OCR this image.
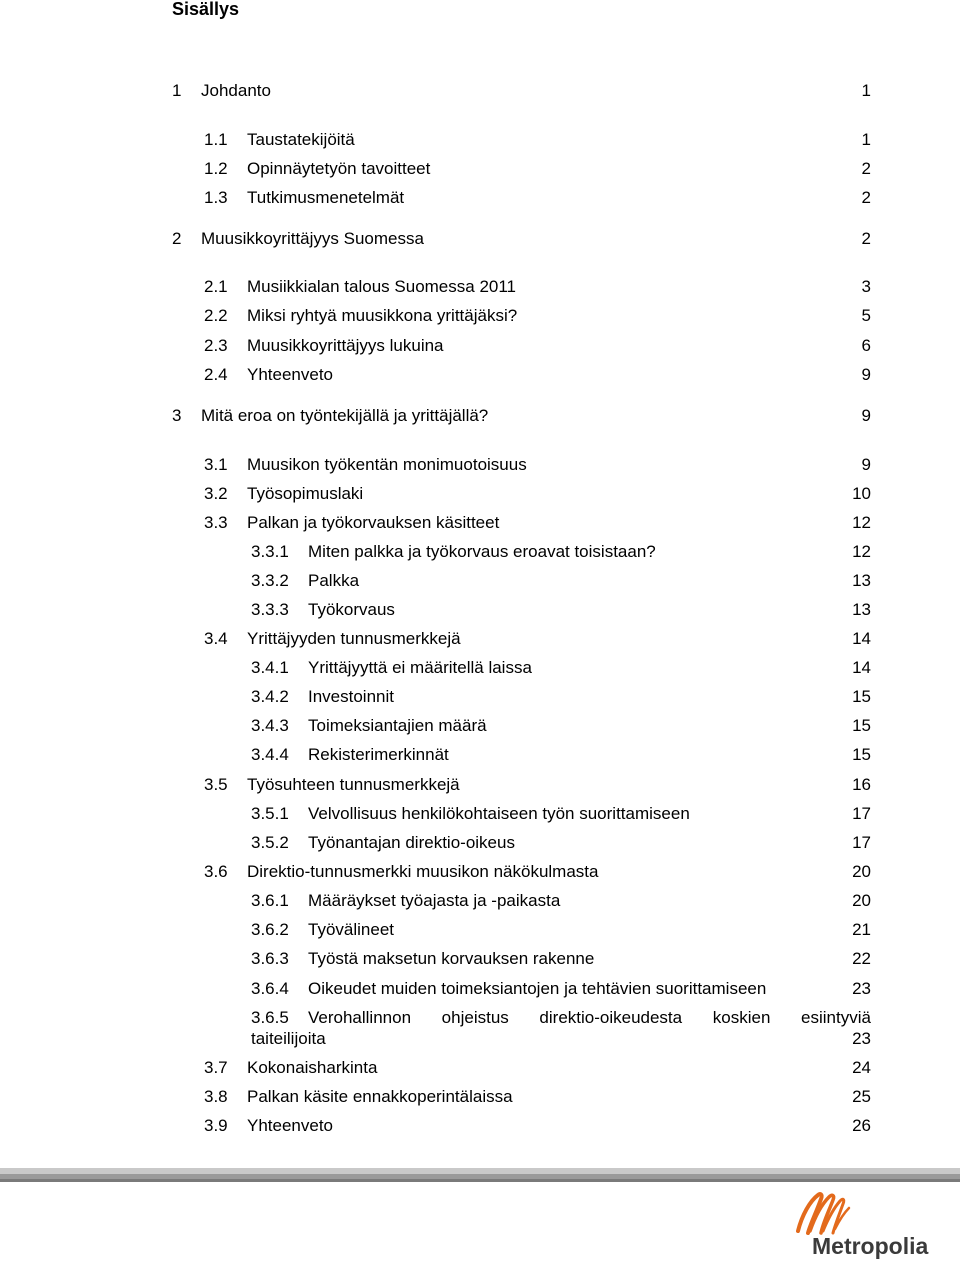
Sisällys
1 Johdanto	1
1.1 Taustatekijöitä	1
1.2 Opinnäytetyön tavoitteet	2
1.3 Tutkimusmenetelmät	2
2 Muusikkoyrittäjyys Suomessa	2
2.1 Musiikkialan talous Suomessa 2011	3
2.2 Miksi ryhtyä muusikkona yrittäjäksi?	5
2.3 Muusikkoyrittäjyys lukuina	6
2.4 Yhteenveto	9
3 Mitä eroa on työntekijällä ja yrittäjällä?	9
3.1 Muusikon työkentän monimuotoisuus	9
3.2 Työsopimuslaki	10
3.3 Palkan ja työkorvauksen käsitteet	12
3.3.1 Miten palkka ja työkorvaus eroavat toisistaan?	12
3.3.2 Palkka	13
3.3.3 Työkorvaus	13
3.4 Yrittäjyyden tunnusmerkkejä	14
3.4.1 Yrittäjyyttä ei määritellä laissa	14
3.4.2 Investoinnit	15
3.4.3 Toimeksiantajien määrä	15
3.4.4 Rekisterimerkinnät	15
3.5 Työsuhteen tunnusmerkkejä	16
3.5.1 Velvollisuus henkilökohtaiseen työn suorittamiseen	17
3.5.2 Työnantajan direktio-oikeus	17
3.6 Direktio-tunnusmerkki muusikon näkökulmasta	20
3.6.1 Määräykset työajasta ja -paikasta	20
3.6.2 Työvälineet	21
3.6.3 Työstä maksetun korvauksen rakenne	22
3.6.4 Oikeudet muiden toimeksiantojen ja tehtävien suorittamiseen	23
3.6.5 Verohallinnon ohjeistus direktio-oikeudesta koskien esiintyviä
taiteilijoita	23
3.7 Kokonaisharkinta	24
3.8 Palkan käsite ennakkoperintälaissa	25
3.9 Yhteenveto	26
Metropolia
